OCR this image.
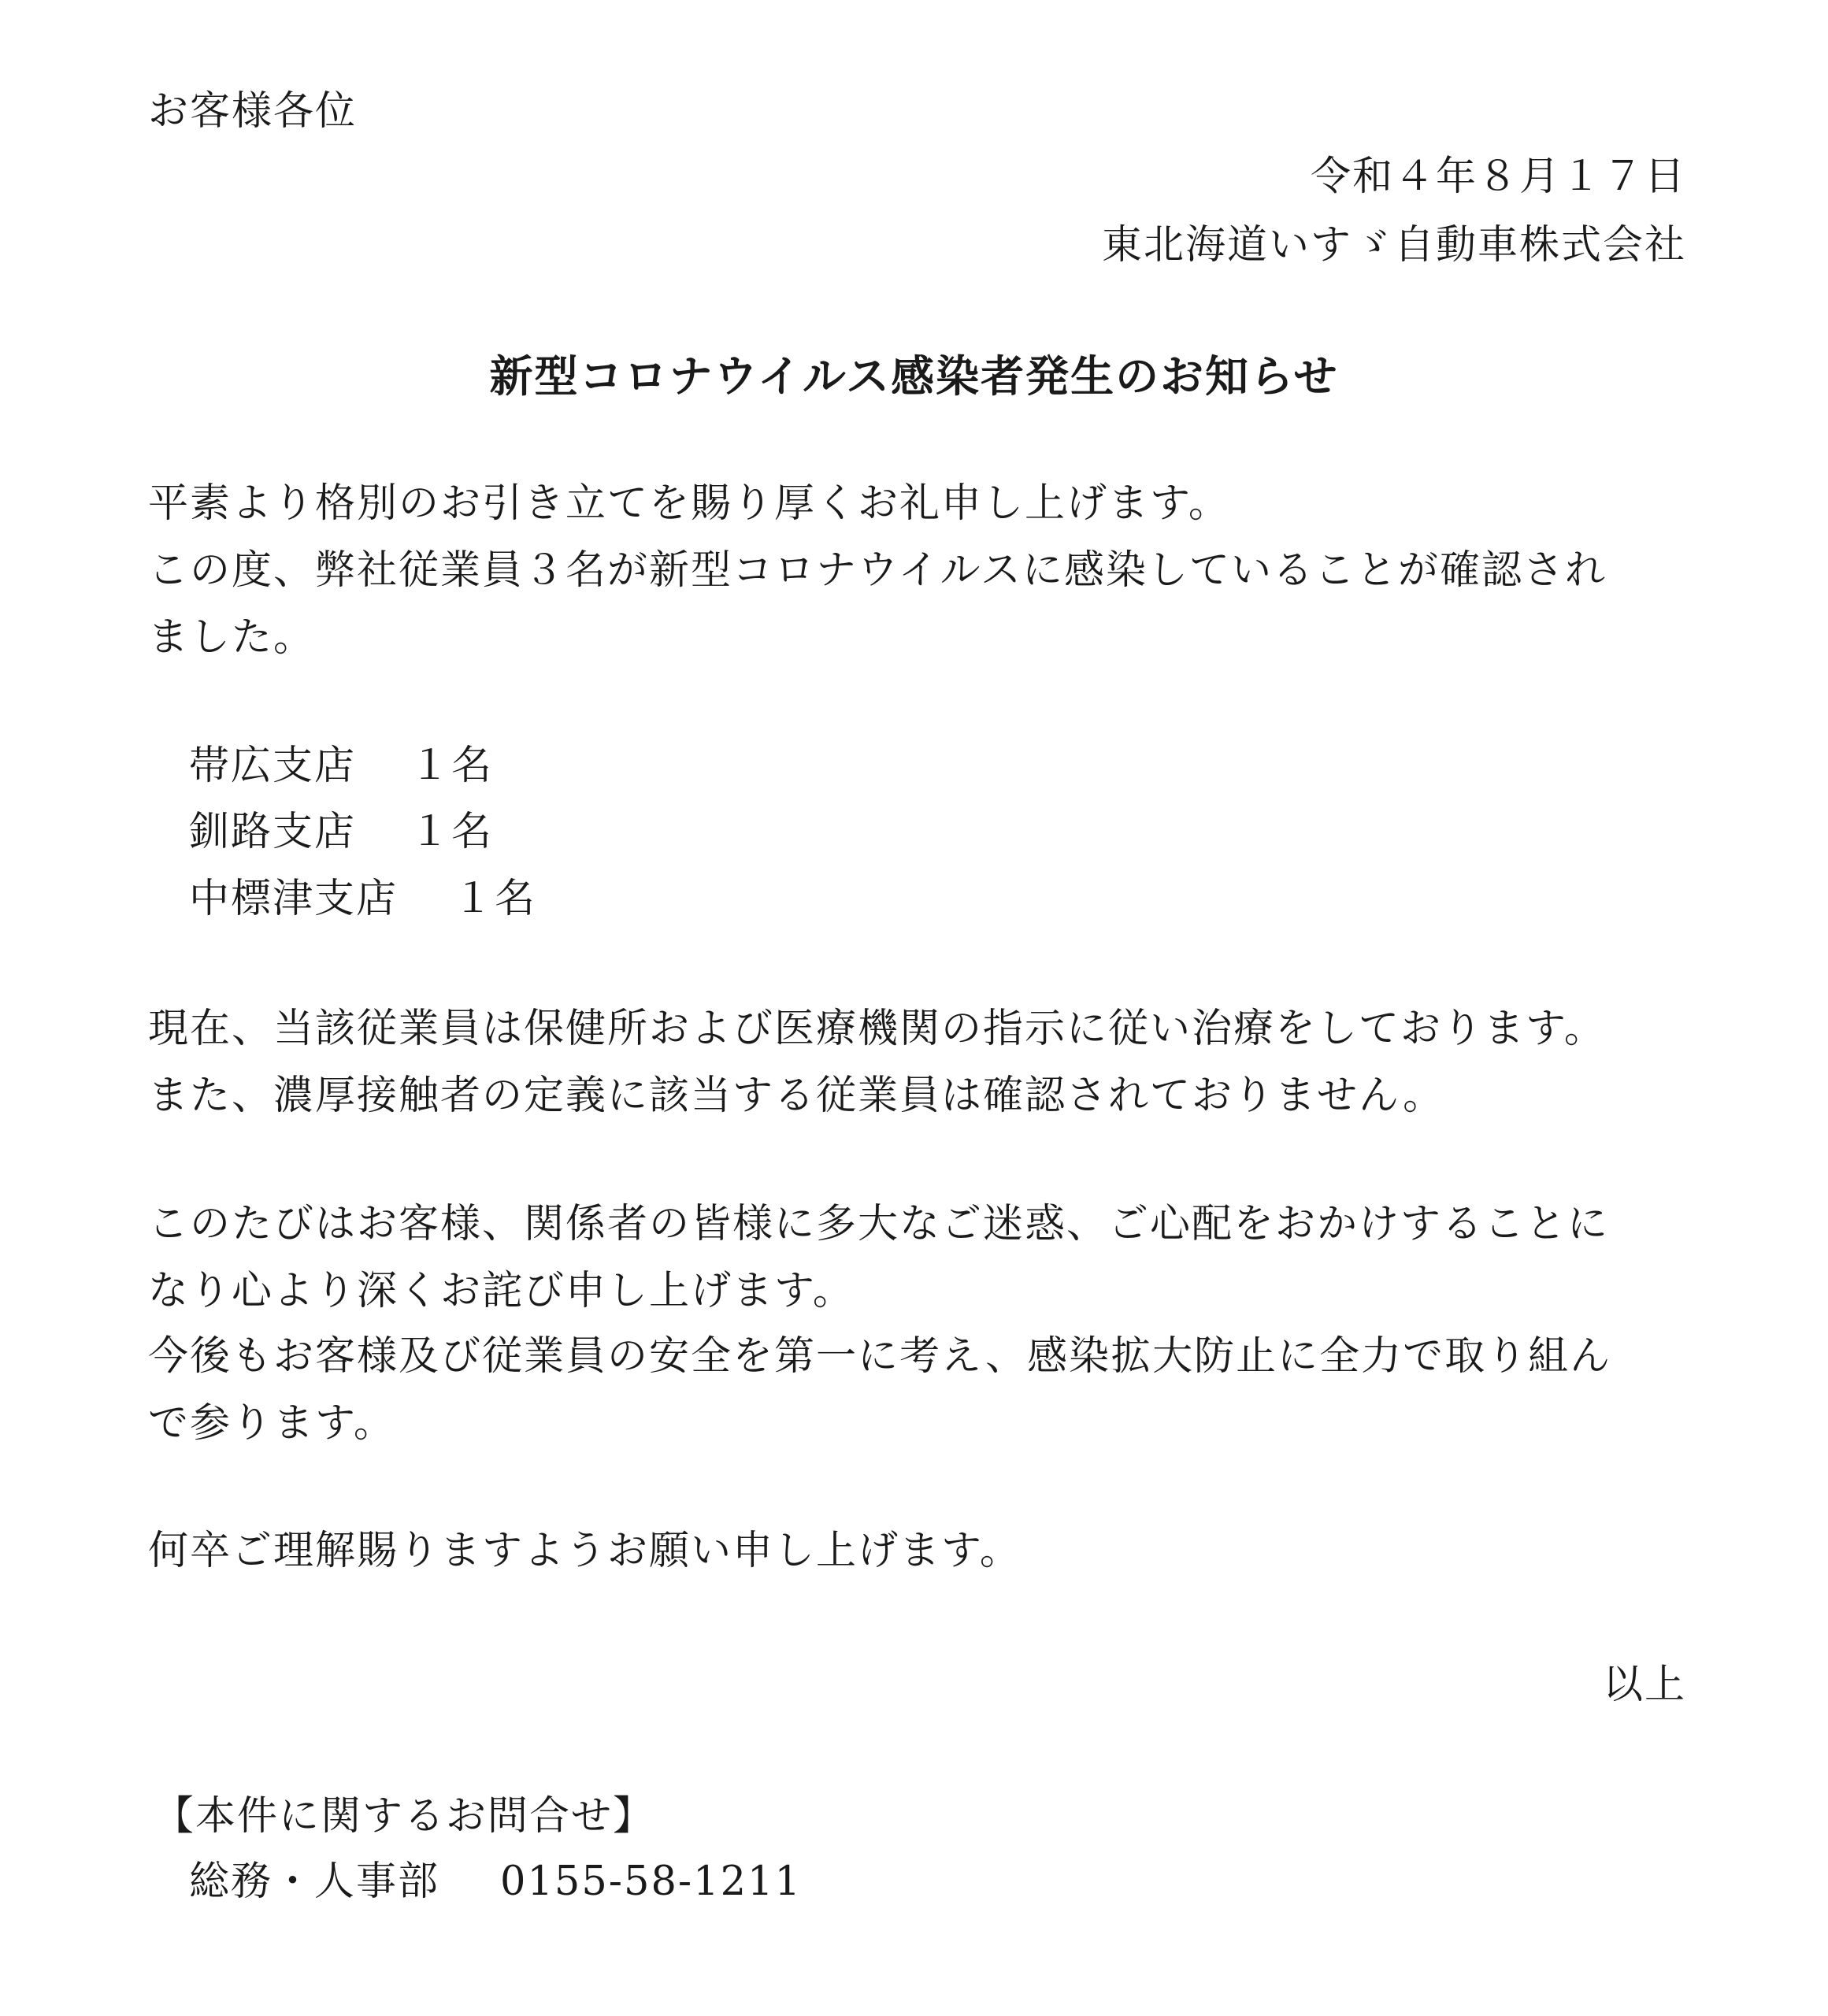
お客様各位
令和４年８月１７日
東北海道いすゞ自動車株式会社
新型コロナウイルス感染者発生のお知らせ
平素より格別のお引き立てを賜り厚くお礼申し上げます。
この度、弊社従業員３名が新型コロナウイルスに感染していることが確認され
ました。
帯広支店 １名
釧路支店 １名
中標津支店 １名
現在、当該従業員は保健所および医療機関の指示に従い治療をしております。
また、濃厚接触者の定義に該当する従業員は確認されておりません。
このたびはお客様、関係者の皆様に多大なご迷惑、ご心配をおかけすることに
なり心より深くお詫び申し上げます。
今後もお客様及び従業員の安全を第一に考え、感染拡大防止に全力で取り組ん
で参ります。
何卒ご理解賜りますようお願い申し上げます。
以上
【本件に関するお問合せ】
総務・人事部 0155-58-1211
